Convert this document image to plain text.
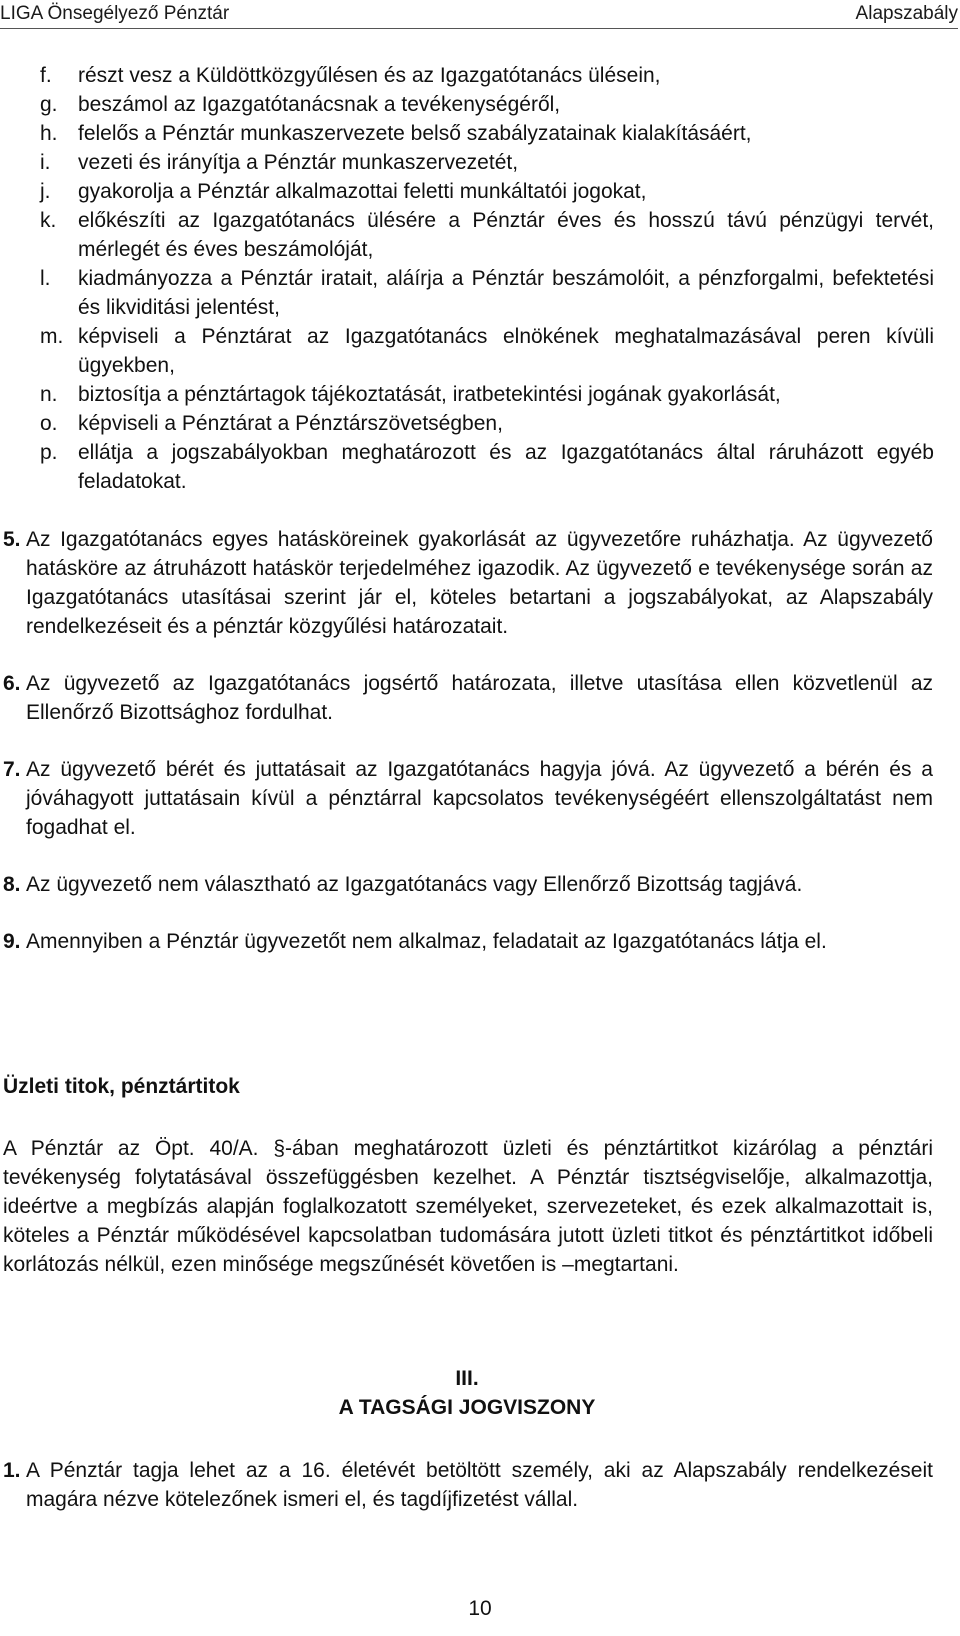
LIGA Önsegélyező Pénztár	Alapszabály
f. részt vesz a Küldöttközgyűlésen és az Igazgatótanács ülésein,
g. beszámol az Igazgatótanácsnak a tevékenységéről,
h. felelős a Pénztár munkaszervezete belső szabályzatainak kialakításáért,
i. vezeti és irányítja a Pénztár munkaszervezetét,
j. gyakorolja a Pénztár alkalmazottai feletti munkáltatói jogokat,
k. előkészíti az Igazgatótanács ülésére a Pénztár éves és hosszú távú pénzügyi tervét, mérlegét és éves beszámolóját,
l. kiadmányozza a Pénztár iratait, aláírja a Pénztár beszámolóit, a pénzforgalmi, befektetési és likviditási jelentést,
m. képviseli a Pénztárat az Igazgatótanács elnökének meghatalmazásával peren kívüli ügyekben,
n. biztosítja a pénztártagok tájékoztatását, iratbetekintési jogának gyakorlását,
o. képviseli a Pénztárat a Pénztárszövetségben,
p. ellátja a jogszabályokban meghatározott és az Igazgatótanács által ráruházott egyéb feladatokat.
5. Az Igazgatótanács egyes hatásköreinek gyakorlását az ügyvezetőre ruházhatja. Az ügyvezető hatásköre az átruházott hatáskör terjedelméhez igazodik. Az ügyvezető e tevékenysége során az Igazgatótanács utasításai szerint jár el, köteles betartani a jogszabályokat, az Alapszabály rendelkezéseit és a pénztár közgyűlési határozatait.
6. Az ügyvezető az Igazgatótanács jogsértő határozata, illetve utasítása ellen közvetlenül az Ellenőrző Bizottsághoz fordulhat.
7. Az ügyvezető bérét és juttatásait az Igazgatótanács hagyja jóvá. Az ügyvezető a bérén és a jóváhagyott juttatásain kívül a pénztárral kapcsolatos tevékenységéért ellenszolgáltatást nem fogadhat el.
8. Az ügyvezető nem választható az Igazgatótanács vagy Ellenőrző Bizottság tagjává.
9. Amennyiben a Pénztár ügyvezetőt nem alkalmaz, feladatait az Igazgatótanács látja el.
Üzleti titok, pénztártitok
A Pénztár az Öpt. 40/A. §-ában meghatározott üzleti és pénztártitkot kizárólag a pénztári tevékenység folytatásával összefüggésben kezelhet. A Pénztár tisztségviselője, alkalmazottja, ideértve a megbízás alapján foglalkozatott személyeket, szervezeteket, és ezek alkalmazottait is, köteles a Pénztár működésével kapcsolatban tudomására jutott üzleti titkot és pénztártitkot időbeli korlátozás nélkül, ezen minősége megszűnését követően is –megtartani.
III.
A TAGSÁGI JOGVISZONY
1. A Pénztár tagja lehet az a 16. életévét betöltött személy, aki az Alapszabály rendelkezéseit magára nézve kötelezőnek ismeri el, és tagdíjfizetést vállal.
10
